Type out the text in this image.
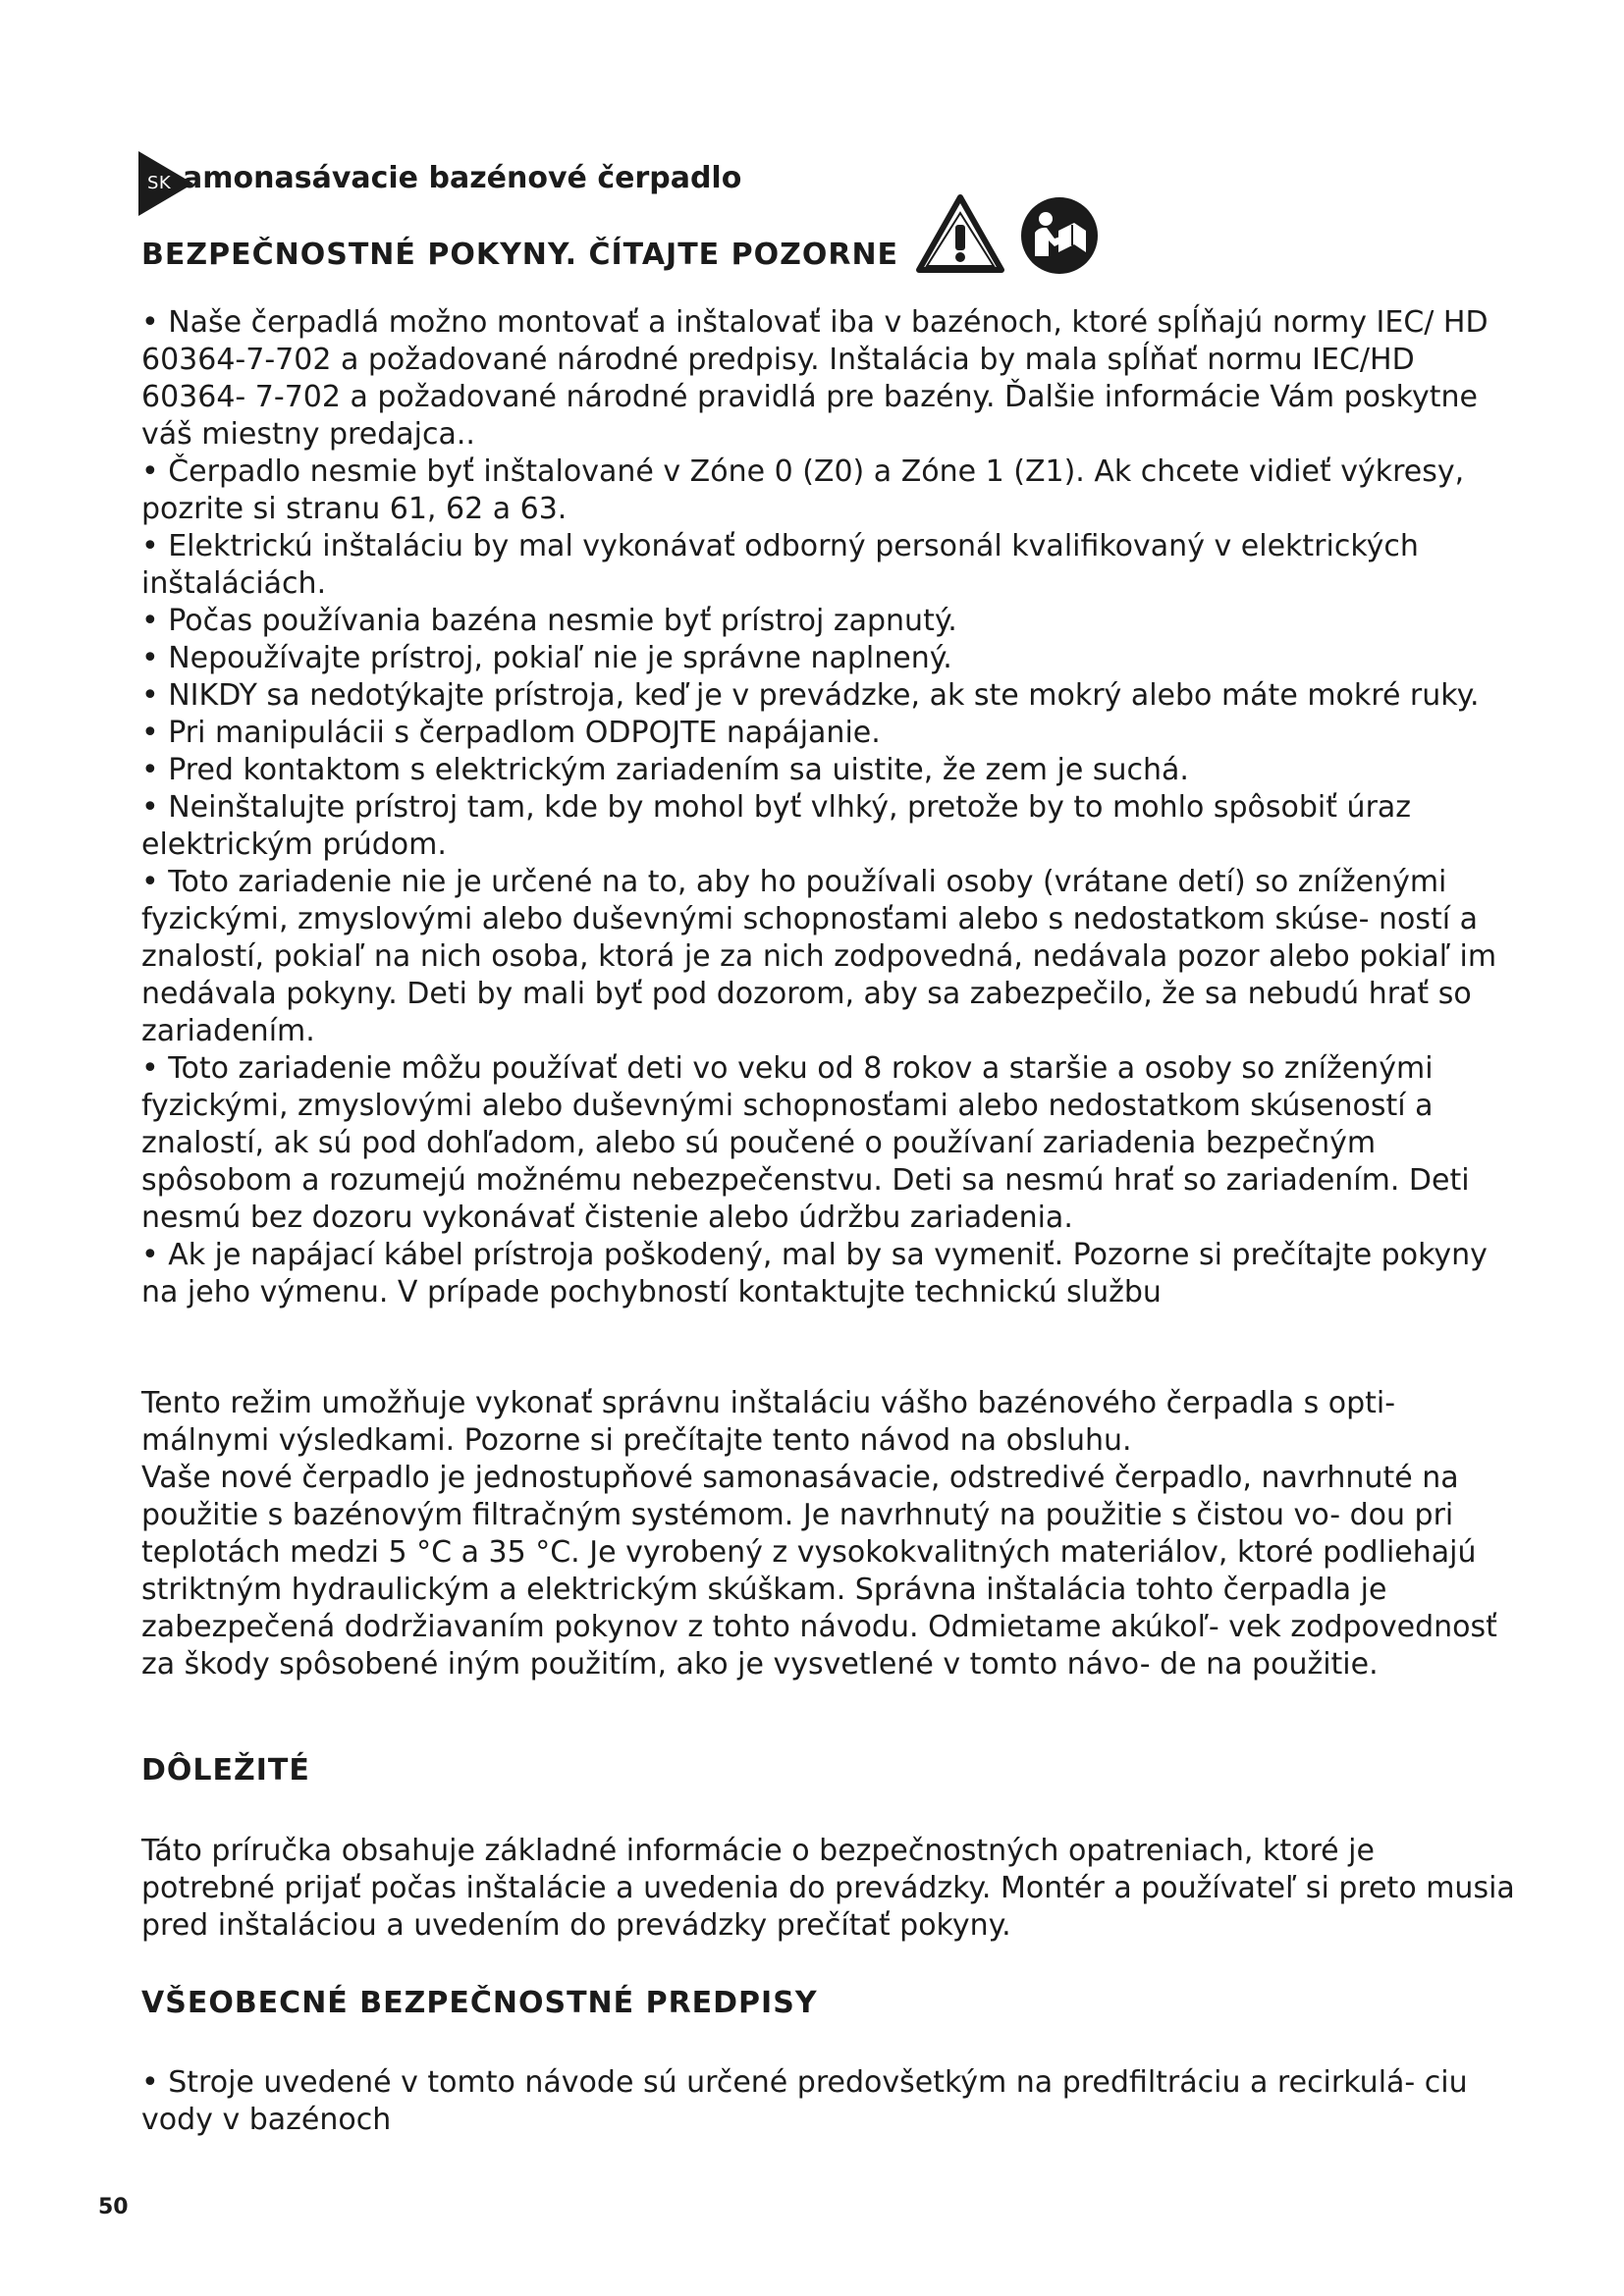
SK amonasávacie bazénové čerpadlo
BEZPEČNOSTNÉ POKYNY. ČÍTAJTE POZORNE

• Naše čerpadlá možno montovať a inštalovať iba v bazénoch, ktoré spĺňajú normy IEC/ HD 60364-7-702 a požadované národné predpisy. Inštalácia by mala spĺňať normu IEC/HD 60364- 7-702 a požadované národné pravidlá pre bazény. Ďalšie informácie Vám poskytne váš miestny predajca..

• Čerpadlo nesmie byť inštalované v Zóne 0 (Z0) a Zóne 1 (Z1). Ak chcete vidieť výkresy, pozrite si stranu 61, 62 a 63.

• Elektrickú inštaláciu by mal vykonávať odborný personál kvalifikovaný v elektrických inštaláciách.

• Počas používania bazéna nesmie byť prístroj zapnutý.

• Nepoužívajte prístroj, pokiaľ nie je správne naplnený.

• NIKDY sa nedotýkajte prístroja, keď je v prevádzke, ak ste mokrý alebo máte mokré ruky.

• Pri manipulácii s čerpadlom ODPOJTE napájanie.

• Pred kontaktom s elektrickým zariadením sa uistite, že zem je suchá.

• Neinštalujte prístroj tam, kde by mohol byť vlhký, pretože by to mohlo spôsobiť úraz elektrickým prúdom.

• Toto zariadenie nie je určené na to, aby ho používali osoby (vrátane detí) so zníženými fyzickými, zmyslovými alebo duševnými schopnosťami alebo s nedostatkom skúse- ností a znalostí, pokiaľ na nich osoba, ktorá je za nich zodpovedná, nedávala pozor alebo pokiaľ im nedávala pokyny. Deti by mali byť pod dozorom, aby sa zabezpečilo, že sa nebudú hrať so zariadením.

• Toto zariadenie môžu používať deti vo veku od 8 rokov a staršie a osoby so zníženými fyzickými, zmyslovými alebo duševnými schopnosťami alebo nedostatkom skúseností a znalostí, ak sú pod dohľadom, alebo sú poučené o používaní zariadenia bezpečným spôsobom a rozumejú možnému nebezpečenstvu. Deti sa nesmú hrať so zariadením. Deti nesmú bez dozoru vykonávať čistenie alebo údržbu zariadenia.

• Ak je napájací kábel prístroja poškodený, mal by sa vymeniť. Pozorne si prečítajte pokyny na jeho výmenu. V prípade pochybností kontaktujte technickú službu

Tento režim umožňuje vykonať správnu inštaláciu vášho bazénového čerpadla s opti- málnymi výsledkami. Pozorne si prečítajte tento návod na obsluhu.

Vaše nové čerpadlo je jednostupňové samonasávacie, odstredivé čerpadlo, navrhnuté na použitie s bazénovým filtračným systémom. Je navrhnutý na použitie s čistou vo- dou pri teplotách medzi 5 °C a 35 °C. Je vyrobený z vysokokvalitných materiálov, ktoré podliehajú striktným hydraulickým a elektrickým skúškam. Správna inštalácia tohto čerpadla je zabezpečená dodržiavaním pokynov z tohto návodu. Odmietame akúkoľ- vek zodpovednosť za škody spôsobené iným použitím, ako je vysvetlené v tomto návo- de na použitie.

DÔLEŽITÉ

Táto príručka obsahuje základné informácie o bezpečnostných opatreniach, ktoré je potrebné prijať počas inštalácie a uvedenia do prevádzky. Montér a používateľ si preto musia pred inštaláciou a uvedením do prevádzky prečítať pokyny.

VŠEOBECNÉ BEZPEČNOSTNÉ PREDPISY

• Stroje uvedené v tomto návode sú určené predovšetkým na predfiltráciu a recirkulá- ciu vody v bazénoch

50
